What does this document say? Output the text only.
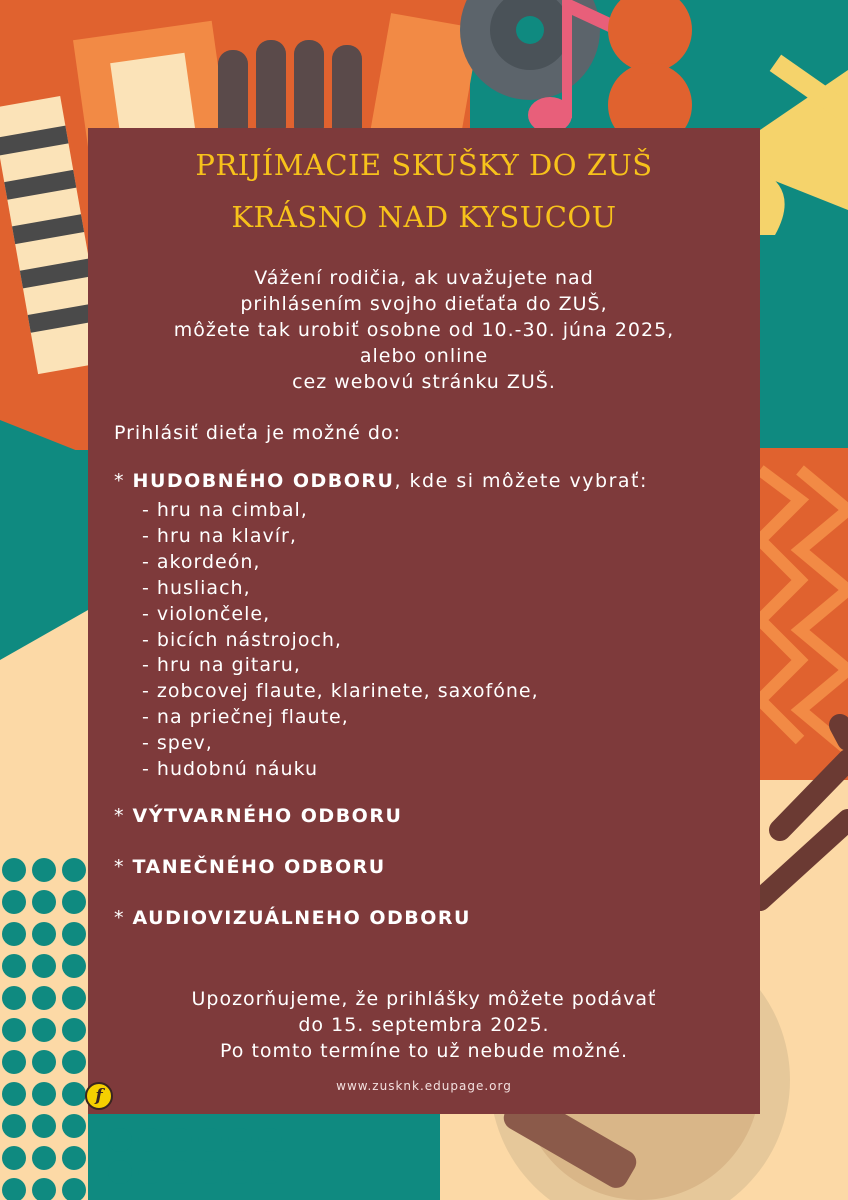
PRIJÍMACIE SKUŠKY DO ZUŠ
KRÁSNO NAD KYSUCOU
Vážení rodičia, ak uvažujete nad
prihlásením svojho dieťaťa do ZUŠ,
môžete tak urobiť osobne od 10.-30. júna 2025,
alebo online
cez webovú stránku ZUŠ.
Prihlásiť dieťa je možné do:
* HUDOBNÉHO ODBORU, kde si môžete vybrať:
- hru na cimbal,
- hru na klavír,
- akordeón,
- husliach,
- violončele,
- bicích nástrojoch,
- hru na gitaru,
- zobcovej flaute, klarinete, saxofóne,
- na priečnej flaute,
- spev,
- hudobnú náuku
* VÝTVARNÉHO ODBORU
* TANEČNÉHO ODBORU
* AUDIOVIZUÁLNEHO ODBORU
Upozorňujeme, že prihlášky môžete podávať
do 15. septembra 2025.
Po tomto termíne to už nebude možné.
www.zusknk.edupage.org
f
